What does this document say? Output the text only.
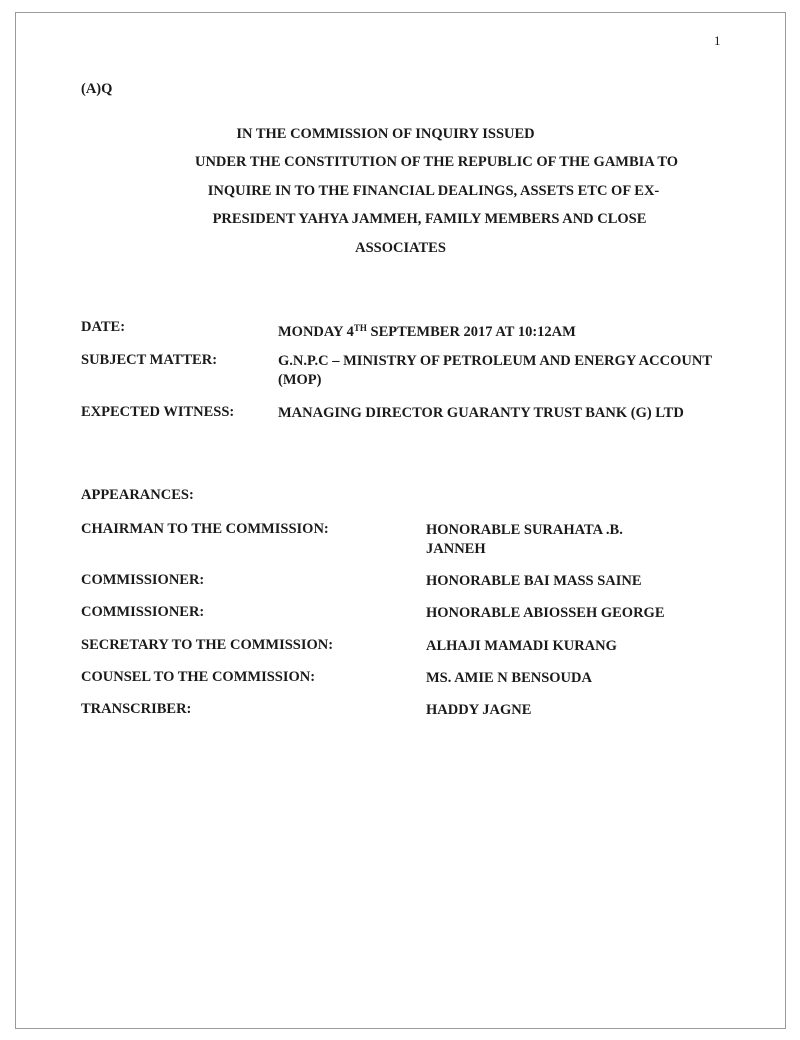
1
(A)Q
IN THE COMMISSION OF INQUIRY ISSUED
UNDER THE CONSTITUTION OF THE REPUBLIC OF THE GAMBIA TO
INQUIRE IN TO THE FINANCIAL DEALINGS, ASSETS ETC OF EX-
PRESIDENT YAHYA JAMMEH, FAMILY MEMBERS AND CLOSE
ASSOCIATES
DATE:	MONDAY 4TH SEPTEMBER 2017 AT 10:12AM
SUBJECT MATTER:	G.N.P.C – MINISTRY OF PETROLEUM AND ENERGY ACCOUNT (MOP)
EXPECTED WITNESS:	MANAGING DIRECTOR GUARANTY TRUST BANK (G) LTD
APPEARANCES:
CHAIRMAN TO THE COMMISSION:	HONORABLE SURAHATA .B. JANNEH
COMMISSIONER:	HONORABLE BAI MASS SAINE
COMMISSIONER:	HONORABLE ABIOSSEH GEORGE
SECRETARY TO THE COMMISSION:	ALHAJI MAMADI KURANG
COUNSEL TO THE COMMISSION:	MS. AMIE N BENSOUDA
TRANSCRIBER:	HADDY JAGNE
